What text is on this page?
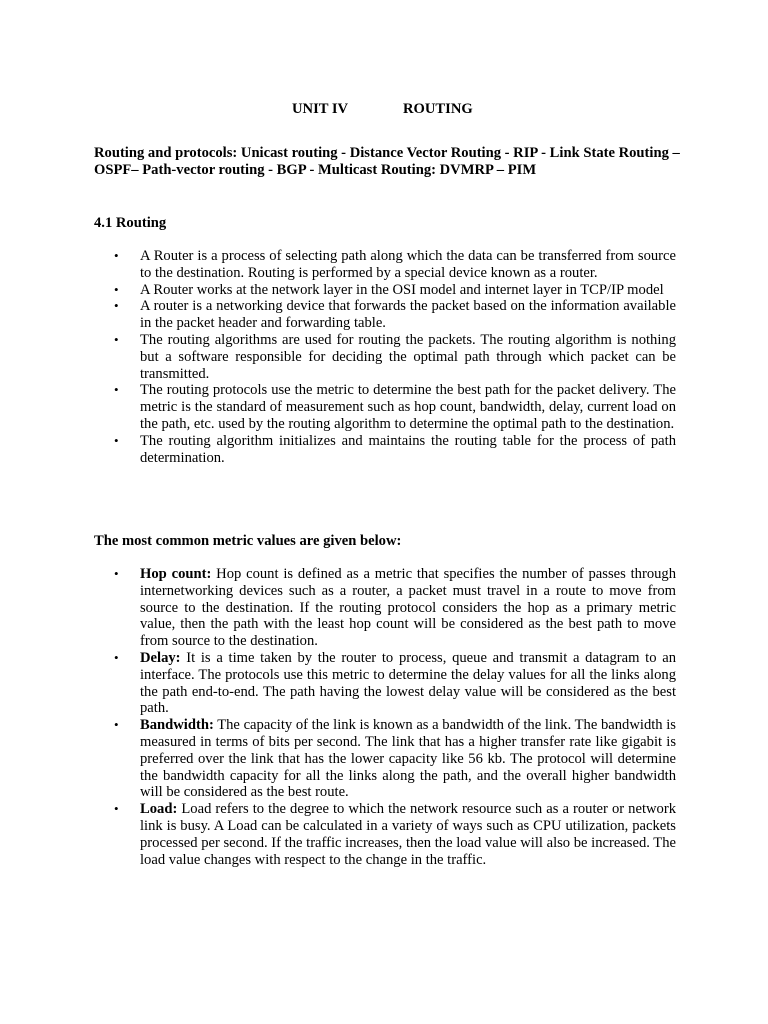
UNIT IV	ROUTING
Routing and protocols: Unicast routing - Distance Vector Routing - RIP - Link State Routing – OSPF– Path-vector routing - BGP - Multicast Routing: DVMRP – PIM
4.1 Routing
• A Router is a process of selecting path along which the data can be transferred from source to the destination. Routing is performed by a special device known as a router.
• A Router works at the network layer in the OSI model and internet layer in TCP/IP model
• A router is a networking device that forwards the packet based on the information available in the packet header and forwarding table.
• The routing algorithms are used for routing the packets. The routing algorithm is nothing but a software responsible for deciding the optimal path through which packet can be transmitted.
• The routing protocols use the metric to determine the best path for the packet delivery. The metric is the standard of measurement such as hop count, bandwidth, delay, current load on the path, etc. used by the routing algorithm to determine the optimal path to the destination.
• The routing algorithm initializes and maintains the routing table for the process of path determination.
The most common metric values are given below:
• Hop count: Hop count is defined as a metric that specifies the number of passes through internetworking devices such as a router, a packet must travel in a route to move from source to the destination. If the routing protocol considers the hop as a primary metric value, then the path with the least hop count will be considered as the best path to move from source to the destination.
• Delay: It is a time taken by the router to process, queue and transmit a datagram to an interface. The protocols use this metric to determine the delay values for all the links along the path end-to-end. The path having the lowest delay value will be considered as the best path.
• Bandwidth: The capacity of the link is known as a bandwidth of the link. The bandwidth is measured in terms of bits per second. The link that has a higher transfer rate like gigabit is preferred over the link that has the lower capacity like 56 kb. The protocol will determine the bandwidth capacity for all the links along the path, and the overall higher bandwidth will be considered as the best route.
• Load: Load refers to the degree to which the network resource such as a router or network link is busy. A Load can be calculated in a variety of ways such as CPU utilization, packets processed per second. If the traffic increases, then the load value will also be increased. The load value changes with respect to the change in the traffic.
